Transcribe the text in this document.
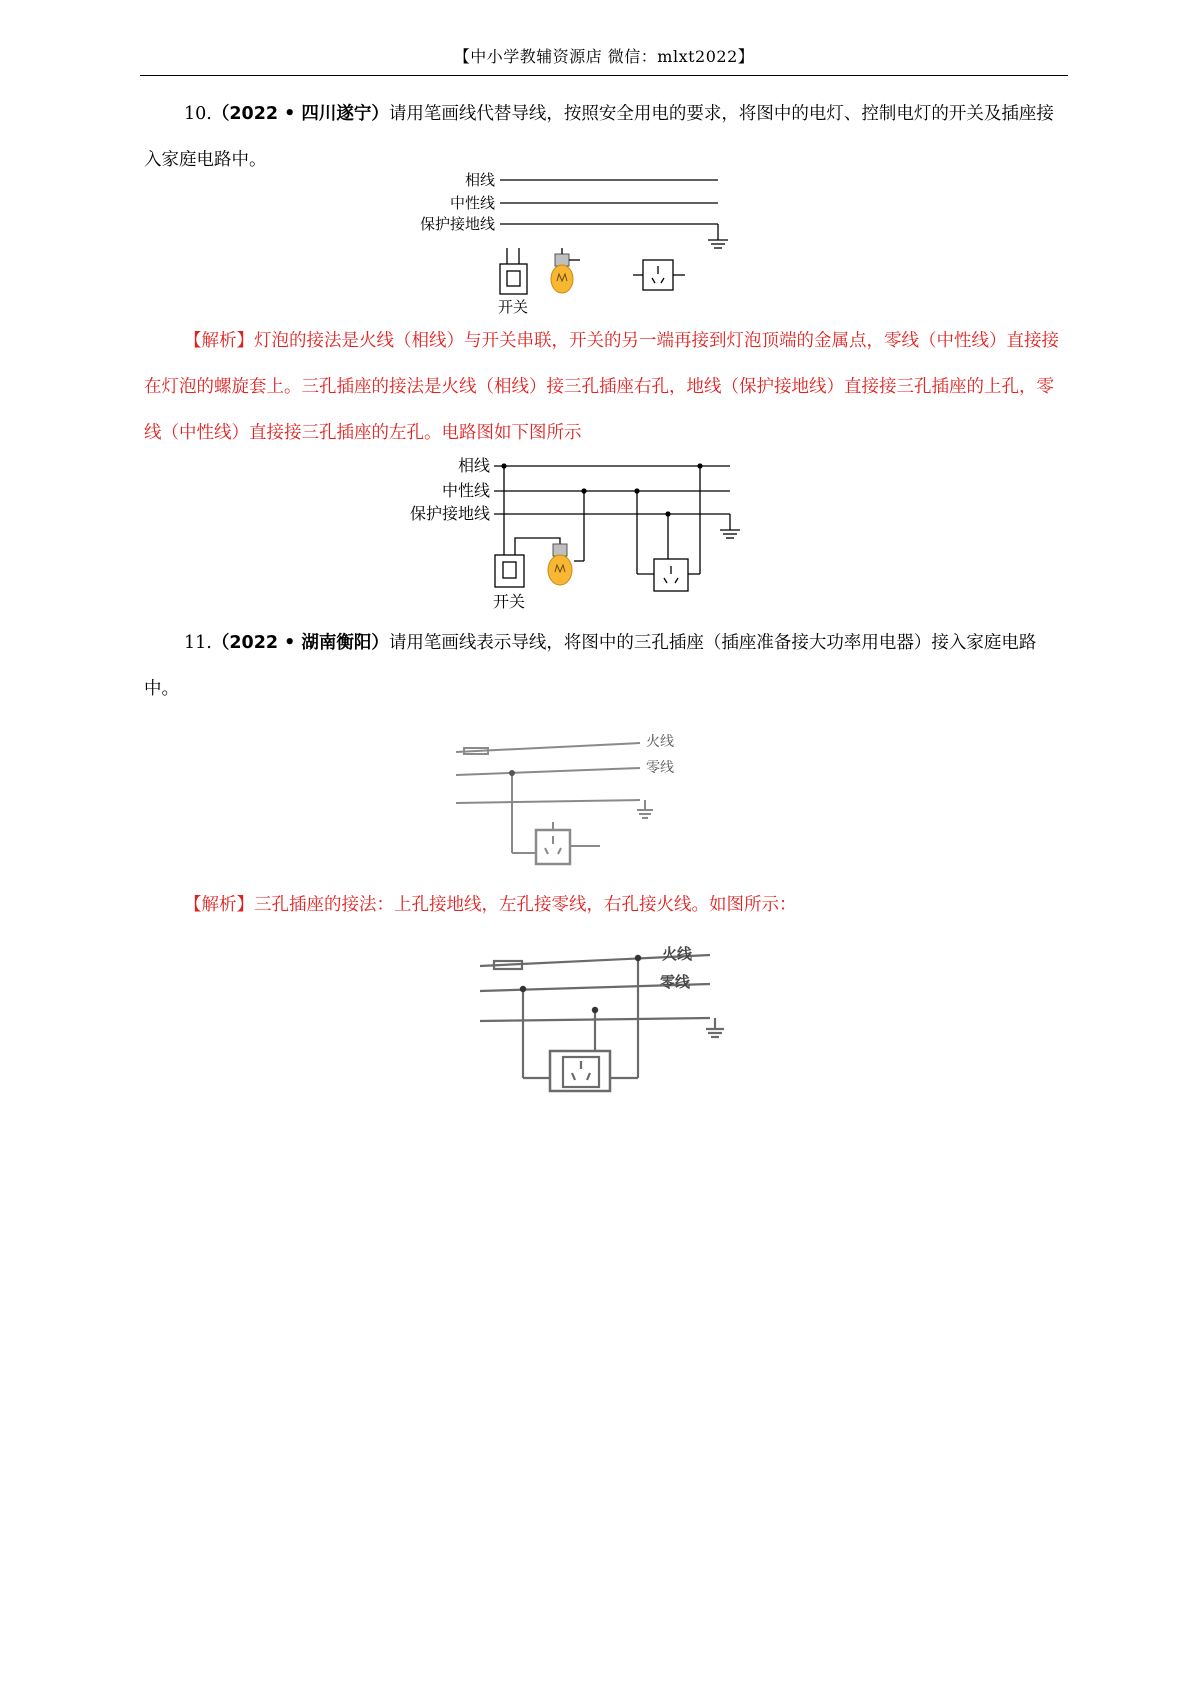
【中小学教辅资源店 微信：mlxt2022】

10.（2022 • 四川遂宁）请用笔画线代替导线，按照安全用电的要求，将图中的电灯、控制电灯的开关及插座接入家庭电路中。

相线
中性线
保护接地线
开关

【解析】灯泡的接法是火线（相线）与开关串联，开关的另一端再接到灯泡顶端的金属点，零线（中性线）直接接在灯泡的螺旋套上。三孔插座的接法是火线（相线）接三孔插座右孔，地线（保护接地线）直接接三孔插座的上孔，零线（中性线）直接接三孔插座的左孔。电路图如下图所示

相线
中性线
保护接地线
开关

11.（2022 • 湖南衡阳）请用笔画线表示导线，将图中的三孔插座（插座准备接大功率用电器）接入家庭电路中。

火线
零线

【解析】三孔插座的接法：上孔接地线，左孔接零线，右孔接火线。如图所示：

火线
零线
